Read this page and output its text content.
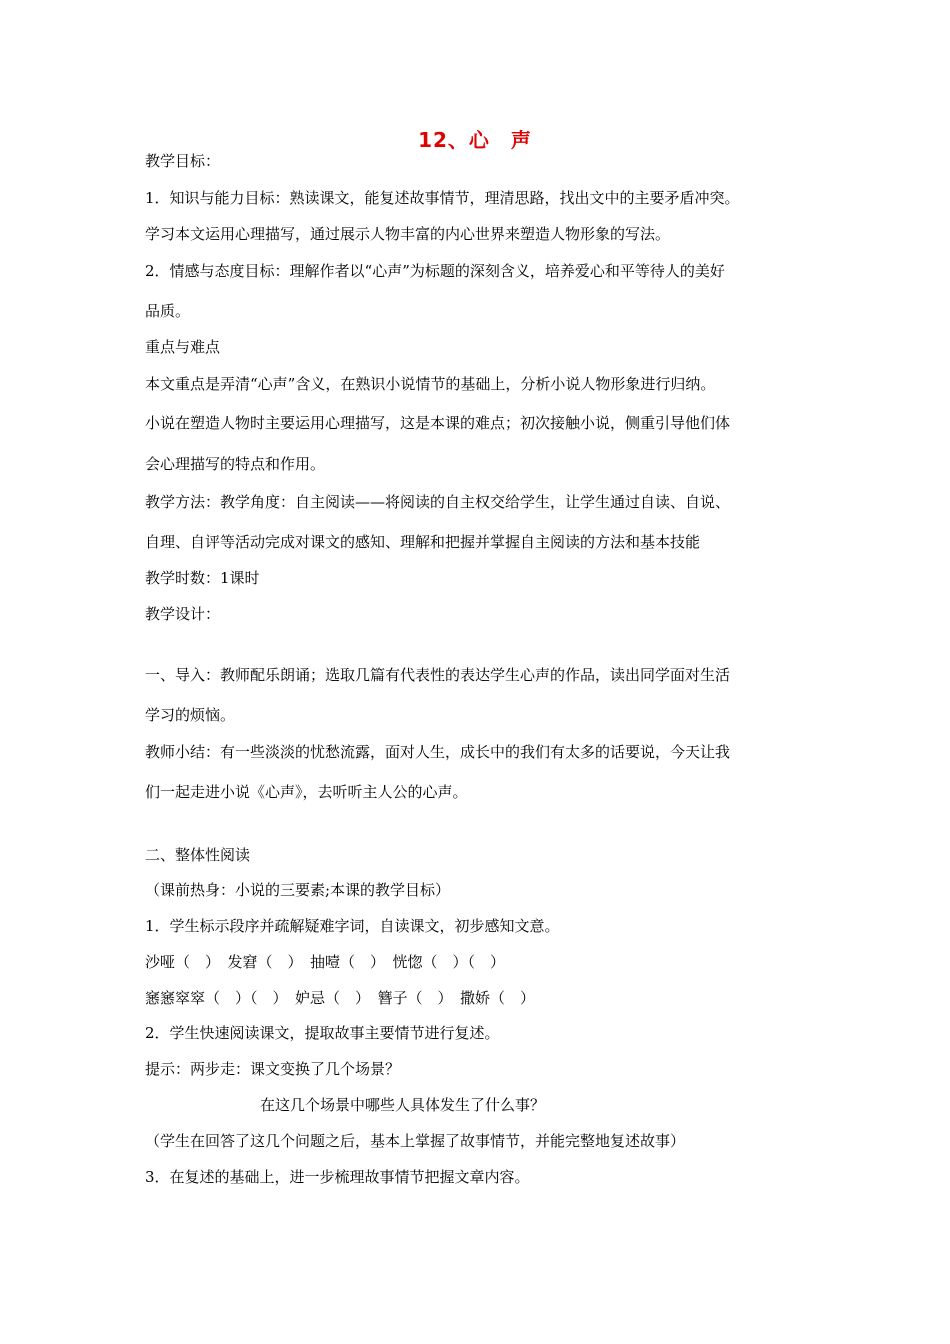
12、心　声
教学目标：
1．知识与能力目标：熟读课文，能复述故事情节，理清思路，找出文中的主要矛盾冲突。
学习本文运用心理描写，通过展示人物丰富的内心世界来塑造人物形象的写法。
2．情感与态度目标：理解作者以“心声”为标题的深刻含义，培养爱心和平等待人的美好
品质。
重点与难点
本文重点是弄清“心声”含义，在熟识小说情节的基础上，分析小说人物形象进行归纳。
小说在塑造人物时主要运用心理描写，这是本课的难点；初次接触小说，侧重引导他们体
会心理描写的特点和作用。
教学方法：教学角度：自主阅读——将阅读的自主权交给学生，让学生通过自读、自说、
自理、自评等活动完成对课文的感知、理解和把握并掌握自主阅读的方法和基本技能
教学时数：1课时
教学设计：
一、导入：教师配乐朗诵；选取几篇有代表性的表达学生心声的作品，读出同学面对生活
学习的烦恼。
教师小结：有一些淡淡的忧愁流露，面对人生，成长中的我们有太多的话要说，今天让我
们一起走进小说《心声》，去听听主人公的心声。
二、整体性阅读
（课前热身：小说的三要素;本课的教学目标）
1．学生标示段序并疏解疑难字词，自读课文，初步感知文意。
沙哑（　）　发窘（　）　抽噎（　）　恍惚（　）（　）
窸窸窣窣（　）（　）　妒忌（　）　簪子（　）　撒娇（　）
2．学生快速阅读课文，提取故事主要情节进行复述。
提示：两步走：课文变换了几个场景？
在这几个场景中哪些人具体发生了什么事？
（学生在回答了这几个问题之后，基本上掌握了故事情节，并能完整地复述故事）
3．在复述的基础上，进一步梳理故事情节把握文章内容。
